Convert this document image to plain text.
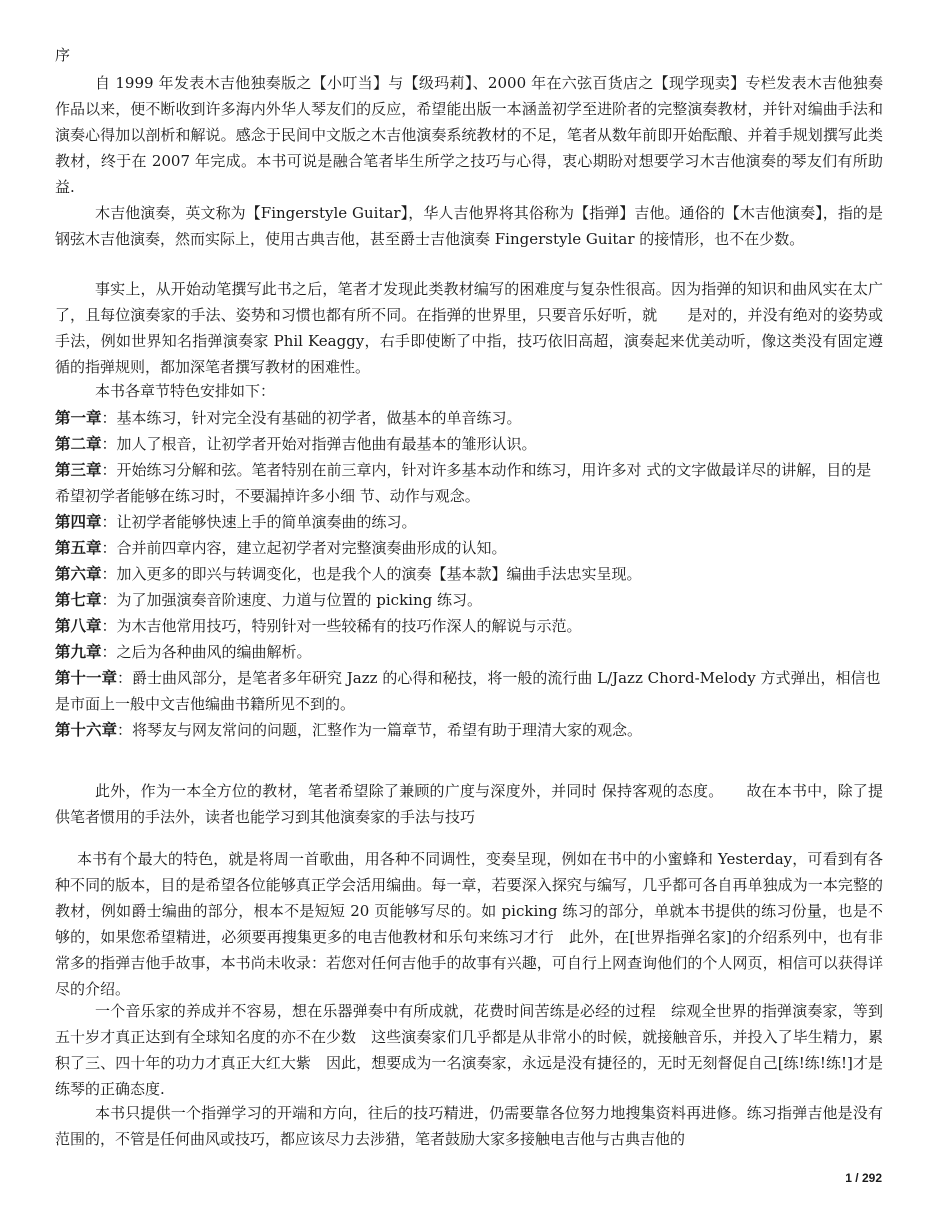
序

自 1999 年发表木吉他独奏版之【小叮当】与【级玛莉】、2000 年在六弦百货店之【现学现卖】专栏发表木吉他独奏作品以来，便不断收到许多海内外华人琴友们的反应，希望能出版一本涵盖初学至进阶者的完整演奏教材，并针对编曲手法和演奏心得加以剖析和解说。感念于民间中文版之木吉他演奏系统教材的不足，笔者从数年前即开始酝酿、并着手规划撰写此类教材，终于在 2007 年完成。本书可说是融合笔者毕生所学之技巧与心得，衷心期盼对想要学习木吉他演奏的琴友们有所助益.

木吉他演奏，英文称为【Fingerstyle Guitar】，华人吉他界将其俗称为【指弹】吉他。通俗的【木吉他演奏】，指的是钢弦木吉他演奏，然而实际上，使用古典吉他，甚至爵士吉他演奏 Fingerstyle Guitar 的接情形，也不在少数。

事实上，从开始动笔撰写此书之后，笔者才发现此类教材编写的困难度与复杂性很高。因为指弹的知识和曲风实在太广了，且每位演奏家的手法、姿势和习惯也都有所不同。在指弹的世界里，只要音乐好听，就　　是对的，并没有绝对的姿势或手法，例如世界知名指弹演奏家 Phil Keaggy，右手即使断了中指，技巧依旧高超，演奏起来优美动听，像这类没有固定遵循的指弹规则，都加深笔者撰写教材的困难性。

本书各章节特色安排如下：

第一章：基本练习，针对完全没有基础的初学者，做基本的单音练习。
第二章：加人了根音，让初学者开始对指弹吉他曲有最基本的雏形认识。
第三章：开始练习分解和弦。笔者特别在前三章内，针对许多基本动作和练习，用许多对 式的文字做最详尽的讲解，目的是希望初学者能够在练习时，不要漏掉许多小细 节、动作与观念。
第四章：让初学者能够快速上手的简单演奏曲的练习。
第五章：合并前四章内容，建立起初学者对完整演奏曲形成的认知。
第六章：加入更多的即兴与转调变化，也是我个人的演奏【基本款】编曲手法忠实呈现。
第七章：为了加强演奏音阶速度、力道与位置的 picking 练习。
第八章：为木吉他常用技巧，特别针对一些较稀有的技巧作深人的解说与示范。
第九章：之后为各种曲风的编曲解析。
第十一章：爵士曲风部分，是笔者多年研究 Jazz 的心得和秘技，将一般的流行曲 L/Jazz Chord-Melody 方式弹出，相信也是市面上一般中文吉他编曲书籍所见不到的。
第十六章：将琴友与网友常问的问题，汇整作为一篇章节，希望有助于理清大家的观念。

此外，作为一本全方位的教材，笔者希望除了兼顾的广度与深度外，并同时 保持客观的态度。　　故在本书中，除了提供笔者惯用的手法外，读者也能学习到其他演奏家的手法与技巧

本书有个最大的特色，就是将周一首歌曲，用各种不同调性，变奏呈现，例如在书中的小蜜蜂和 Yesterday，可看到有各种不同的版本，目的是希望各位能够真正学会活用编曲。每一章，若要深入探究与编写，几乎都可各自再单独成为一本完整的教材，例如爵士编曲的部分，根本不是短短 20 页能够写尽的。如 picking 练习的部分，单就本书提供的练习份量，也是不够的，如果您希望精进，必须要再搜集更多的电吉他教材和乐句来练习才行　此外，在[世界指弹名家]的介绍系列中，也有非常多的指弹吉他手故事，本书尚未收录：若您对任何吉他手的故事有兴趣，可自行上网查询他们的个人网页，相信可以获得详尽的介绍。

一个音乐家的养成并不容易，想在乐器弹奏中有所成就，花费时间苦练是必经的过程　综观全世界的指弹演奏家，等到五十岁才真正达到有全球知名度的亦不在少数　这些演奏家们几乎都是从非常小的时候，就接触音乐，并投入了毕生精力，累积了三、四十年的功力才真正大红大紫　因此，想要成为一名演奏家，永远是没有捷径的，无时无刻督促自己[练!练!练!]才是练琴的正确态度.

本书只提供一个指弹学习的开端和方向，往后的技巧精进，仍需要靠各位努力地搜集资料再进修。练习指弹吉他是没有范围的，不管是任何曲风或技巧，都应该尽力去涉猎，笔者鼓励大家多接触电吉他与古典吉他的

1 / 292
